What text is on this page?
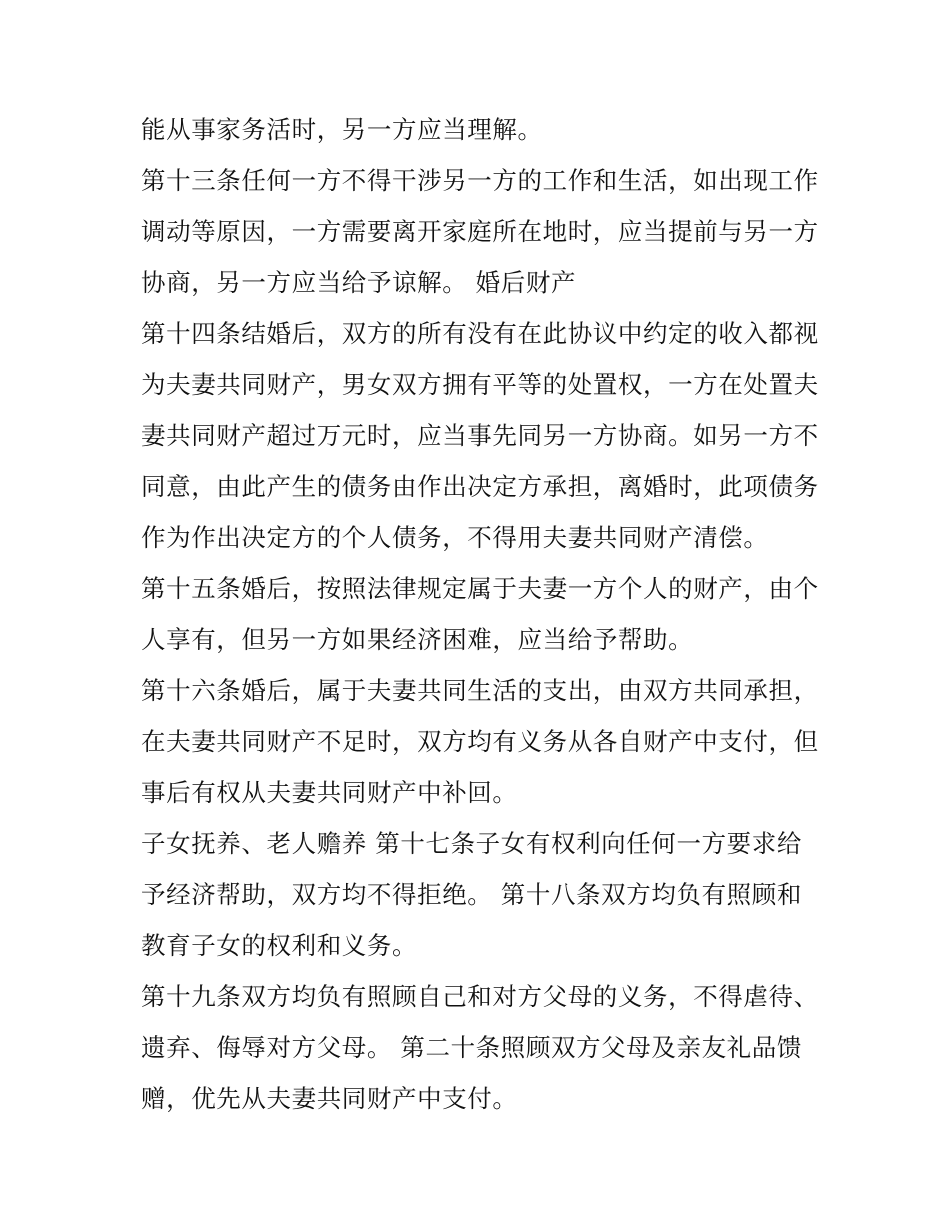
能从事家务活时，另一方应当理解。
第十三条任何一方不得干涉另一方的工作和生活，如出现工作
调动等原因，一方需要离开家庭所在地时，应当提前与另一方
协商，另一方应当给予谅解。 婚后财产
第十四条结婚后，双方的所有没有在此协议中约定的收入都视
为夫妻共同财产，男女双方拥有平等的处置权，一方在处置夫
妻共同财产超过万元时，应当事先同另一方协商。如另一方不
同意，由此产生的债务由作出决定方承担，离婚时，此项债务
作为作出决定方的个人债务，不得用夫妻共同财产清偿。
第十五条婚后，按照法律规定属于夫妻一方个人的财产，由个
人享有，但另一方如果经济困难，应当给予帮助。
第十六条婚后，属于夫妻共同生活的支出，由双方共同承担，
在夫妻共同财产不足时，双方均有义务从各自财产中支付，但
事后有权从夫妻共同财产中补回。
子女抚养、老人赡养 第十七条子女有权利向任何一方要求给
予经济帮助，双方均不得拒绝。 第十八条双方均负有照顾和
教育子女的权利和义务。
第十九条双方均负有照顾自己和对方父母的义务，不得虐待、
遗弃、侮辱对方父母。 第二十条照顾双方父母及亲友礼品馈
赠，优先从夫妻共同财产中支付。
